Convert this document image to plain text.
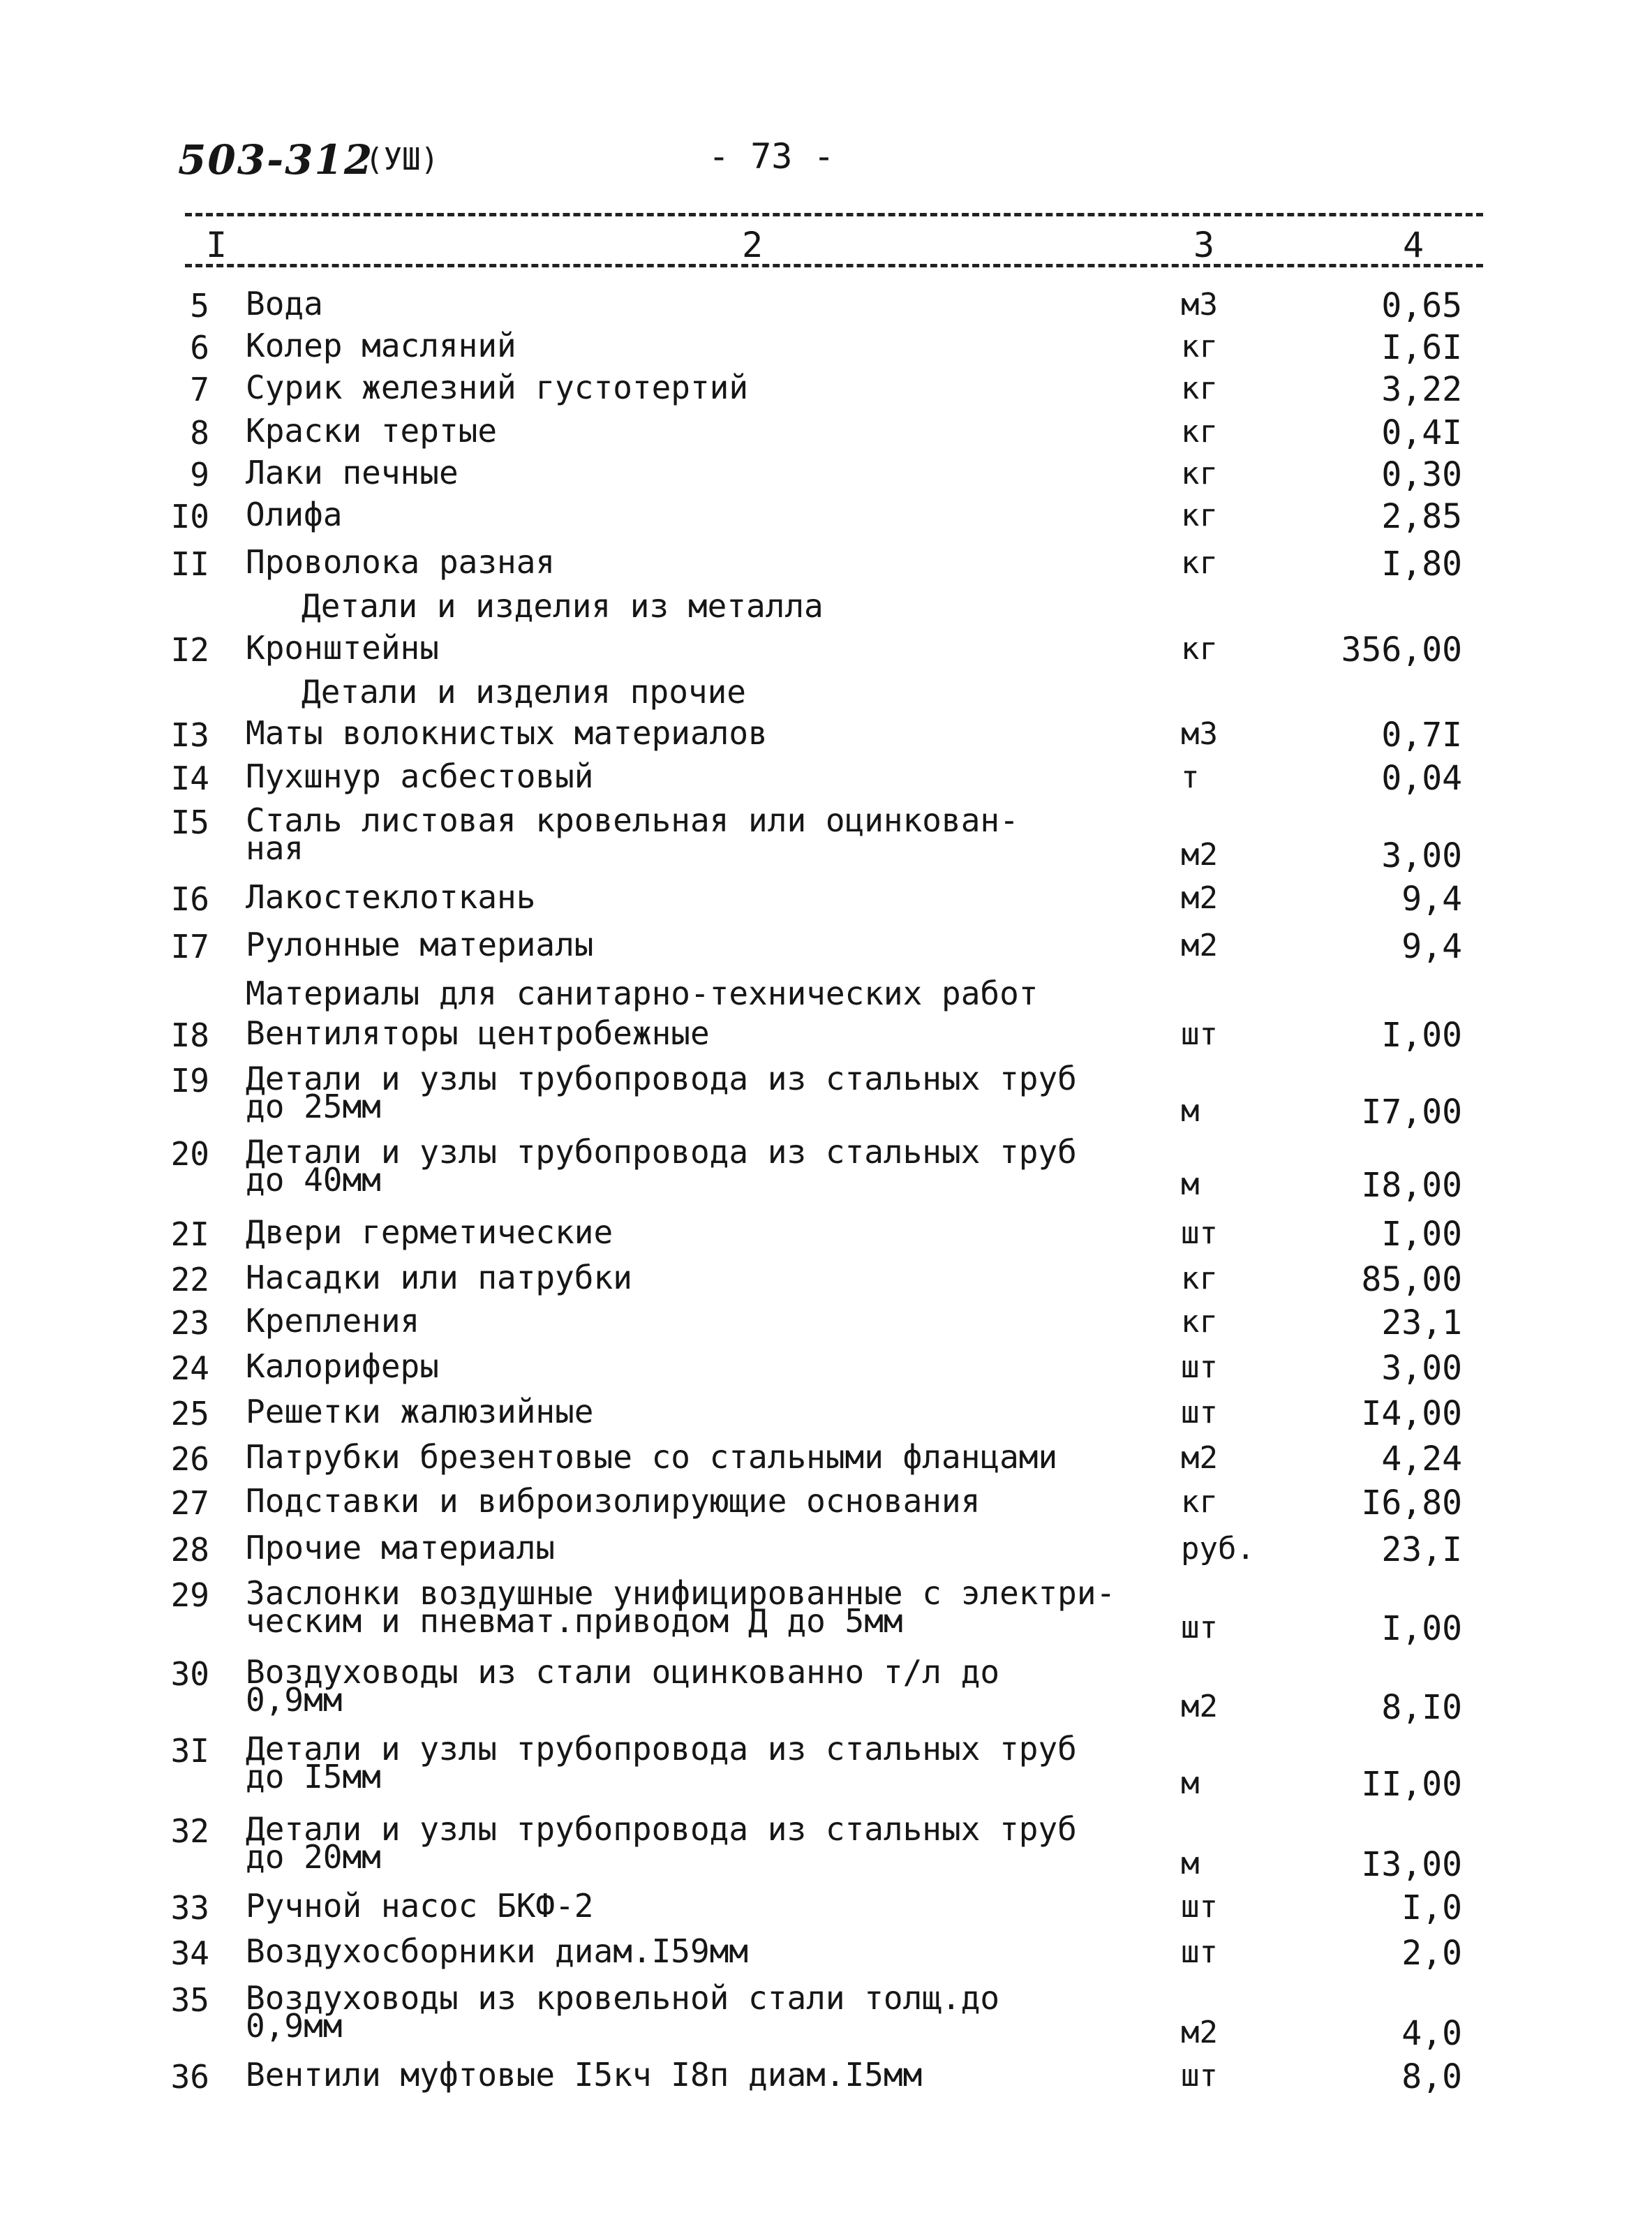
503-312
(УШ)	- 73 -
I	2	3	4
Детали и изделия из металла
Детали и изделия прочие
Материалы для санитарно-технических работ
5 Вода	м3	0,65
6 Колер масляний	кг	I,6I
7 Сурик железний густотертий	кг	3,22
8 Краски тертые	кг	0,4I
9 Лаки печные	кг	0,30
I0 Олифа	кг	2,85
II Проволока разная	кг	I,80
I2 Кронштейны	кг	356,00
I3 Маты волокнистых материалов	м3	0,7I
I4 Пухшнур асбестовый	т	0,04
I5 Сталь листовая кровельная или оцинкован-
ная	м2	3,00
I6 Лакостеклоткань	м2	9,4
I7 Рулонные материалы	м2	9,4
I8 Вентиляторы центробежные	шт	I,00
I9 Детали и узлы трубопровода из стальных труб
до 25мм	м	I7,00
20 Детали и узлы трубопровода из стальных труб
до 40мм	м	I8,00
2I Двери герметические	шт	I,00
22 Насадки или патрубки	кг	85,00
23 Крепления	кг	23,1
24 Калориферы	шт	3,00
25 Решетки жалюзийные	шт	I4,00
26 Патрубки брезентовые со стальными фланцами	м2	4,24
27 Подставки и виброизолирующие основания	кг	I6,80
28 Прочие материалы	руб.	23,I
29 Заслонки воздушные унифицированные с электри-
ческим и пневмат.приводом Д до 5мм	шт	I,00
30 Воздуховоды из стали оцинкованно т/л до
0,9мм	м2	8,I0
3I Детали и узлы трубопровода из стальных труб
до I5мм	м	II,00
32 Детали и узлы трубопровода из стальных труб
до 20мм	м	I3,00
33 Ручной насос БКФ-2	шт	I,0
34 Воздухосборники диам.I59мм	шт	2,0
35 Воздуховоды из кровельной стали толщ.до
0,9мм	м2	4,0
36 Вентили муфтовые I5кч I8п диам.I5мм	шт	8,0
